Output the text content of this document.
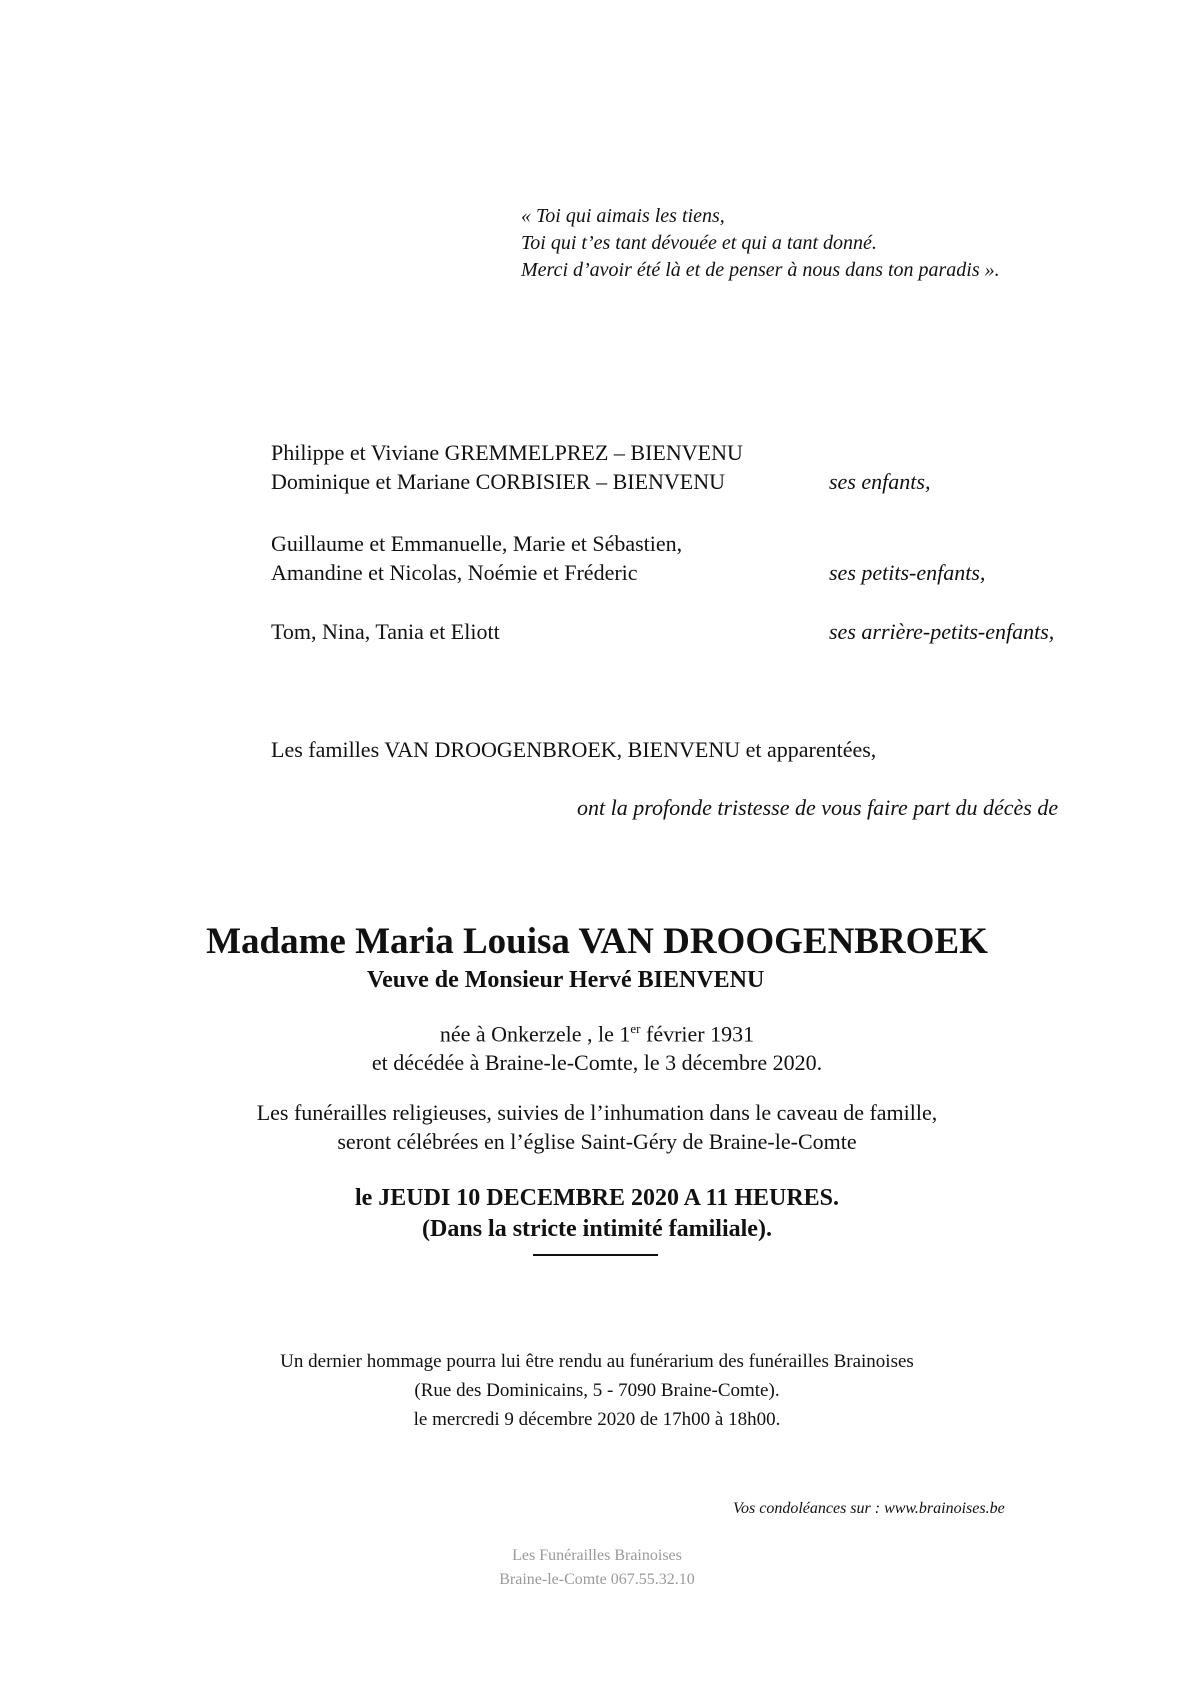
« Toi qui aimais les tiens,
Toi qui t’es tant dévouée et qui a tant donné.
Merci d’avoir été là et de penser à nous dans ton paradis ».
Philippe et Viviane GREMMELPREZ – BIENVENU
Dominique et Mariane CORBISIER – BIENVENU	ses enfants,
Guillaume et Emmanuelle, Marie et Sébastien,
Amandine et Nicolas, Noémie et Fréderic	ses petits-enfants,
Tom, Nina, Tania et Eliott	ses arrière-petits-enfants,
Les familles VAN DROOGENBROEK, BIENVENU et apparentées,
ont la profonde tristesse de vous faire part du décès de
Madame Maria Louisa VAN DROOGENBROEK
Veuve de Monsieur Hervé BIENVENU
née à Onkerzele , le 1er février 1931
et décédée à Braine-le-Comte, le 3 décembre 2020.
Les funérailles religieuses, suivies de l’inhumation dans le caveau de famille,
seront célébrées en l’église Saint-Géry de Braine-le-Comte
le JEUDI 10 DECEMBRE 2020 A 11 HEURES.
(Dans la stricte intimité familiale).
Un dernier hommage pourra lui être rendu au funérarium des funérailles Brainoises
(Rue des Dominicains, 5 - 7090 Braine-Comte).
le mercredi 9 décembre 2020 de 17h00 à 18h00.
Vos condoléances sur : www.brainoises.be
Les Funérailles Brainoises
Braine-le-Comte 067.55.32.10
